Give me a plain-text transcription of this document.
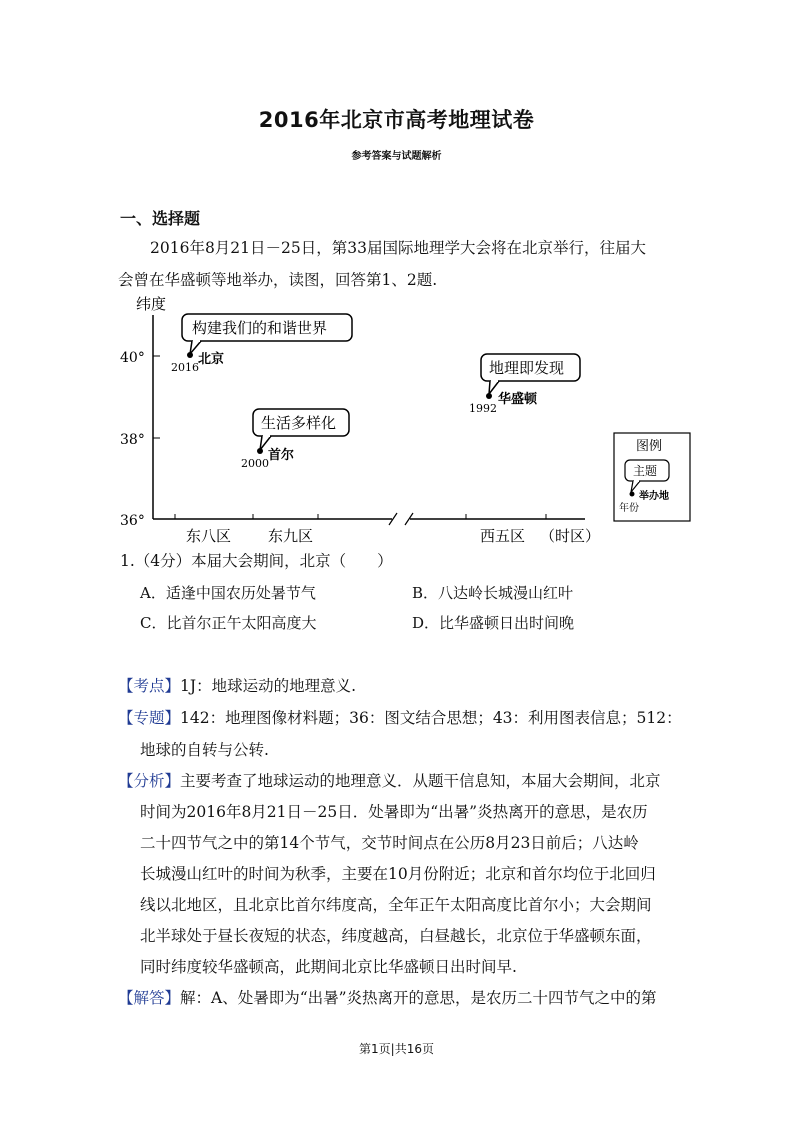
2016年北京市高考地理试卷
参考答案与试题解析
一、选择题
2016年8月21日－25日，第33届国际地理学大会将在北京举行，往届大
会曾在华盛顿等地举办，读图，回答第1、2题.
纬度
40°
38°
36°
东八区 东九区	西五区 （时区）
构建我们的和谐世界
北京
2016
生活多样化
首尔
2000
地理即发现
华盛顿
1992
图例
主题
举办地
年份
1.（4分）本届大会期间，北京（　　）
A．适逢中国农历处暑节气	B．八达岭长城漫山红叶
C．比首尔正午太阳高度大	D．比华盛顿日出时间晚
【考点】1J：地球运动的地理意义.
【专题】142：地理图像材料题；36：图文结合思想；43：利用图表信息；512：
地球的自转与公转.
【分析】主要考查了地球运动的地理意义．从题干信息知，本届大会期间，北京
时间为2016年8月21日－25日．处暑即为“出暑”炎热离开的意思，是农历
二十四节气之中的第14个节气，交节时间点在公历8月23日前后；八达岭
长城漫山红叶的时间为秋季，主要在10月份附近；北京和首尔均位于北回归
线以北地区，且北京比首尔纬度高，全年正午太阳高度比首尔小；大会期间
北半球处于昼长夜短的状态，纬度越高，白昼越长，北京位于华盛顿东面，
同时纬度较华盛顿高，此期间北京比华盛顿日出时间早.
【解答】解：A、处暑即为“出暑”炎热离开的意思，是农历二十四节气之中的第
第1页|共16页
